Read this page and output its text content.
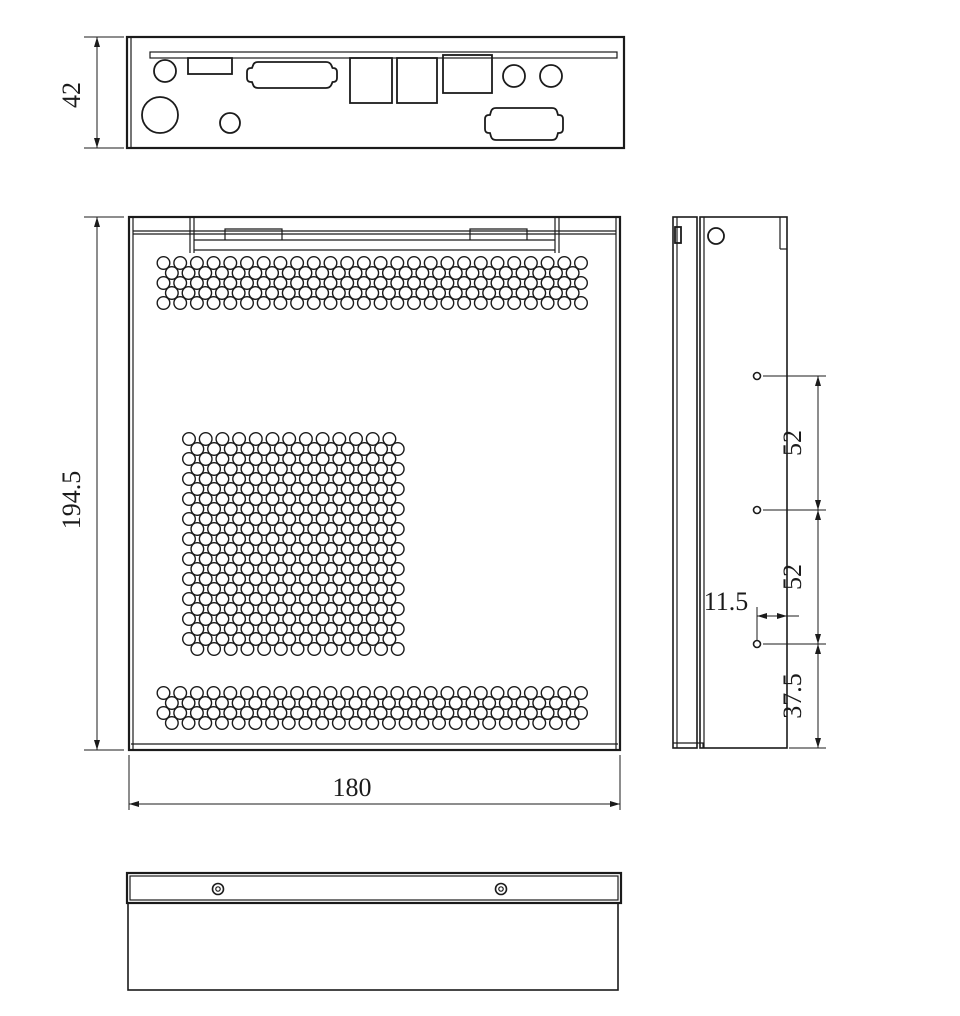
42
194.5
180
52
52
37.5
11.5
